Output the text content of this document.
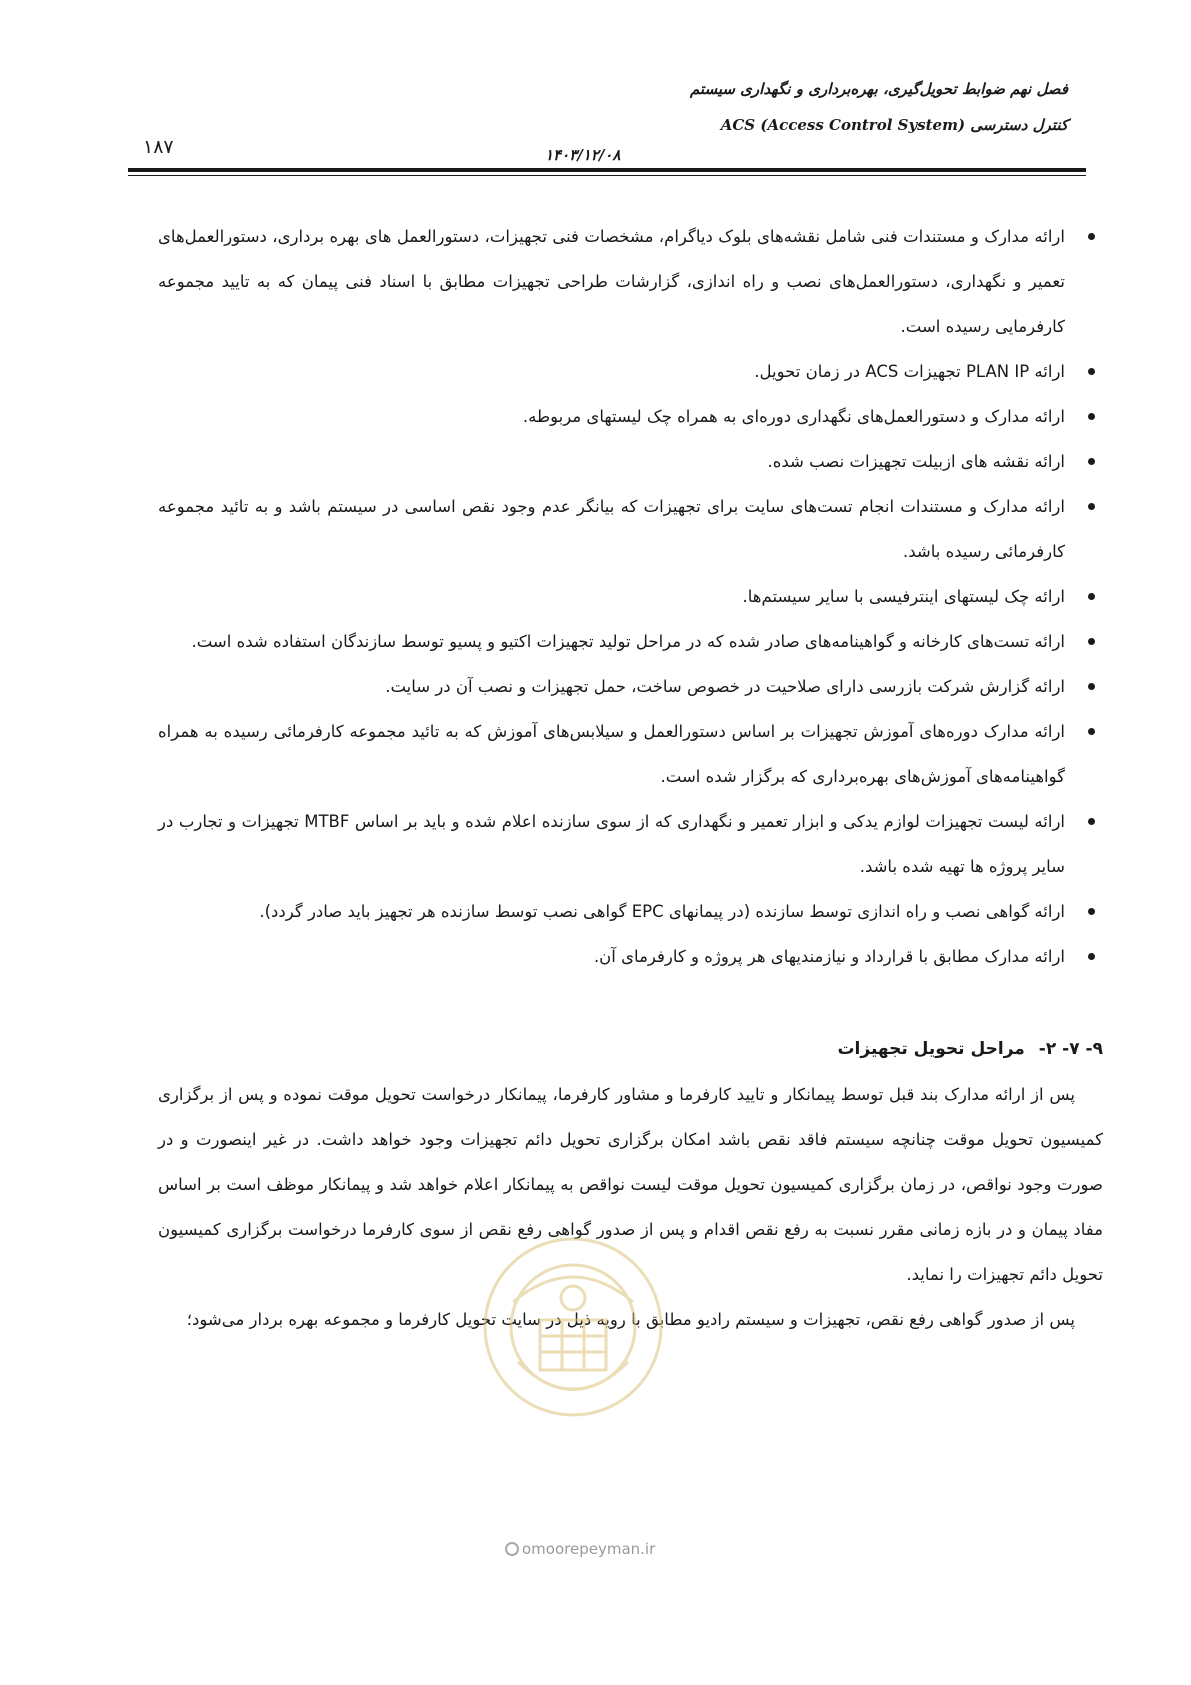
فصل نهم ضوابط تحویل‌گیری، بهره‌برداری و نگهداری سیستم
کنترل دسترسی (ACS (Access Control System
۱۴۰۳/۱۲/۰۸
۱۸۷
ارائه مدارک و مستندات فنی شامل نقشه‌های بلوک دیاگرام، مشخصات فنی تجهیزات، دستورالعمل های بهره برداری، دستورالعمل‌های تعمیر و نگهداری، دستورالعمل‌های نصب و راه اندازی، گزارشات طراحی تجهیزات مطابق با اسناد فنی پیمان که به تایید مجموعه کارفرمایی رسیده است.
ارائه PLAN IP تجهیزات ACS در زمان تحویل.
ارائه مدارک و دستورالعمل‌های نگهداری دوره‌ای به همراه چک لیستهای مربوطه.
ارائه نقشه های ازبیلت تجهیزات نصب شده.
ارائه مدارک و مستندات انجام تست‌های سایت برای تجهیزات که بیانگر عدم وجود نقص اساسی در سیستم باشد و به تائید مجموعه کارفرمائی رسیده باشد.
ارائه چک لیستهای اینترفیسی با سایر سیستم‌ها.
ارائه تست‌های کارخانه و گواهینامه‌های صادر شده که در مراحل تولید تجهیزات اکتیو و پسیو توسط سازندگان استفاده شده است.
ارائه گزارش شرکت بازرسی دارای صلاحیت در خصوص ساخت، حمل تجهیزات و نصب آن در سایت.
ارائه مدارک دوره‌های آموزش تجهیزات بر اساس دستورالعمل و سیلابس‌های آموزش که به تائید مجموعه کارفرمائی رسیده به همراه گواهینامه‌های آموزش‌های بهره‌برداری که برگزار شده است.
ارائه لیست تجهیزات لوازم یدکی و ابزار تعمیر و نگهداری که از سوی سازنده اعلام شده و باید بر اساس MTBF تجهیزات و تجارب در سایر پروژه ها تهیه شده باشد.
ارائه گواهی نصب و راه اندازی توسط سازنده (در پیمانهای EPC گواهی نصب توسط سازنده هر تجهیز باید صادر گردد).
ارائه مدارک مطابق با قرارداد و نیازمندیهای هر پروژه و کارفرمای آن.
۹- ۷- ۲-مراحل تحویل تجهیزات

پس از ارائه مدارک بند قبل توسط پیمانکار و تایید کارفرما و مشاور کارفرما، پیمانکار درخواست تحویل موقت نموده و پس از برگزاری کمیسیون تحویل موقت چنانچه سیستم فاقد نقص باشد امکان برگزاری تحویل دائم تجهیزات وجود خواهد داشت. در غیر اینصورت و در صورت وجود نواقص، در زمان برگزاری کمیسیون تحویل موقت لیست نواقص به پیمانکار اعلام خواهد شد و پیمانکار موظف است بر اساس مفاد پیمان و در بازه زمانی مقرر نسبت به رفع نقص اقدام و پس از صدور گواهی رفع نقص از سوی کارفرما درخواست برگزاری کمیسیون تحویل دائم تجهیزات را نماید.

پس از صدور گواهی رفع نقص، تجهیزات و سیستم رادیو مطابق با رویه ذیل در سایت تحویل کارفرما و مجموعه بهره بردار می‌شود؛

omoorepeyman.ir
